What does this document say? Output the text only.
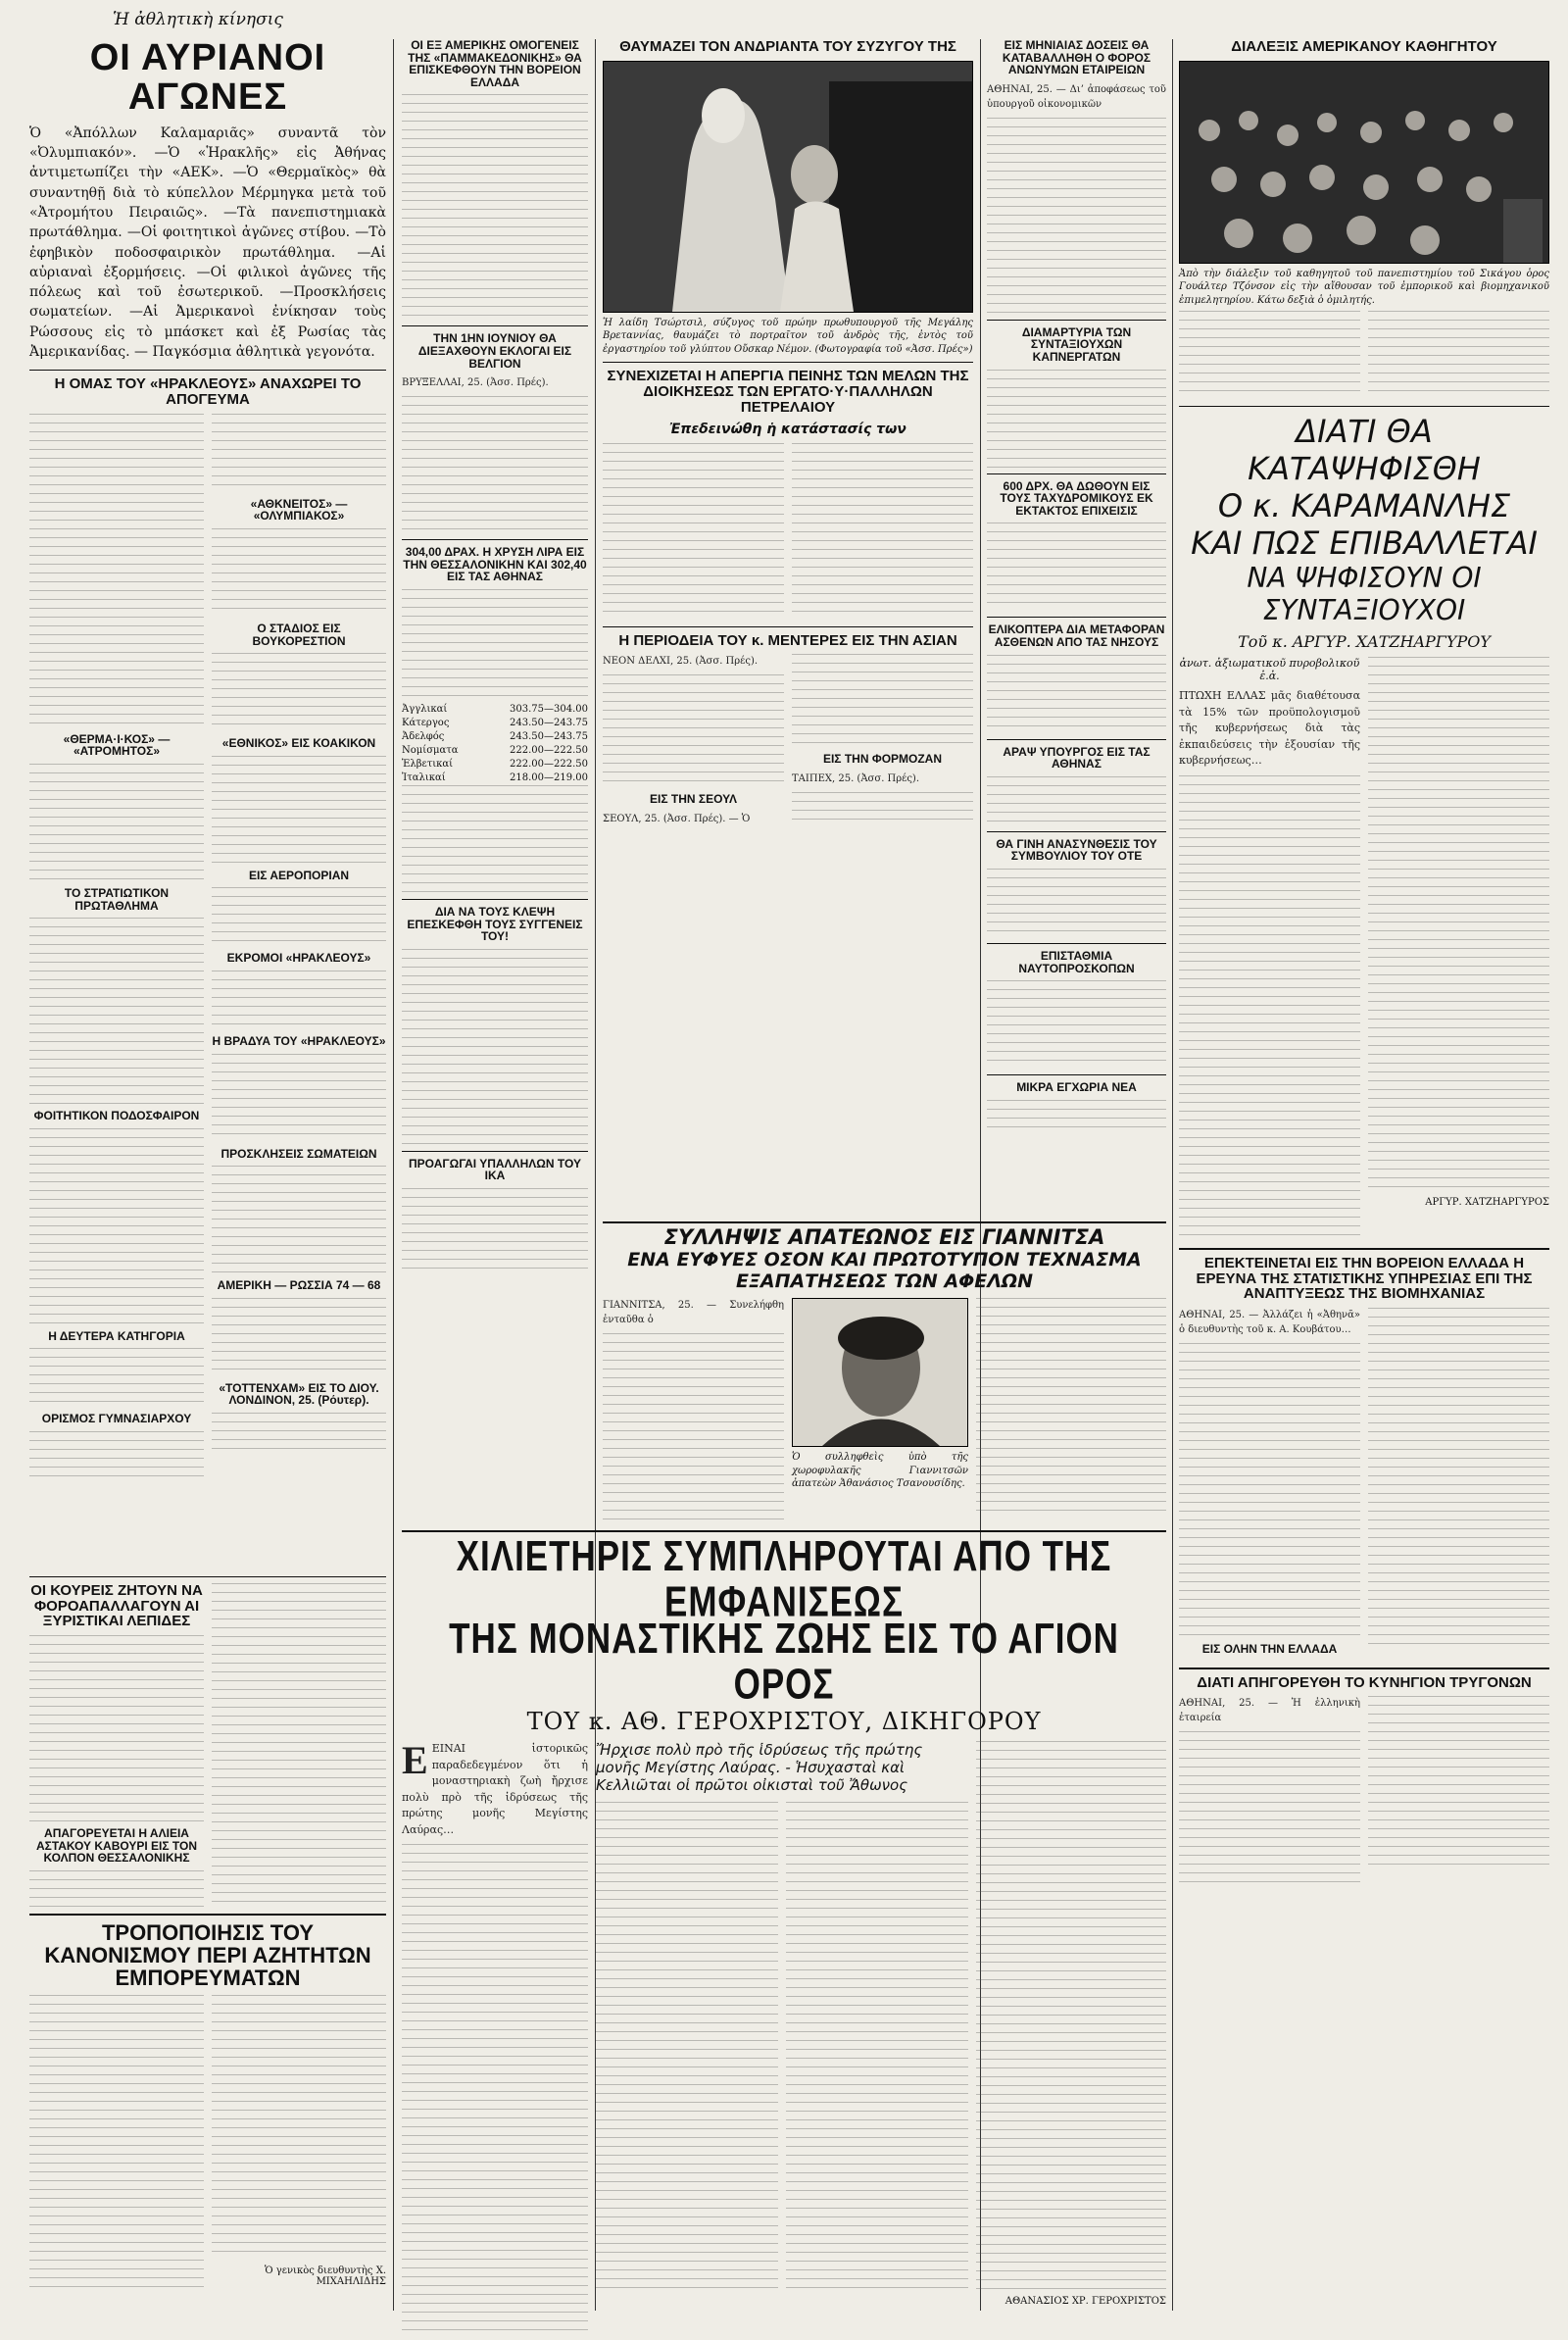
Ἡ ἀθλητικὴ κίνησις
ΟΙ ΑΥΡΙΑΝΟΙ ΑΓΩΝΕΣ
Ὁ «Ἀπόλλων Καλαμαριᾶς» συναντᾶ τὸν «Ὀλυμπιακόν». —Ὁ «Ἡρακλῆς» εἰς Ἀθήνας ἀντιμετωπίζει τὴν «ΑΕΚ». —Ὁ «Θερμαϊκὸς» θὰ συναντηθῇ διὰ τὸ κύπελλον Μέρμηγκα μετὰ τοῦ «Ἀτρομήτου Πειραιῶς». —Τὰ πανεπιστημιακὰ πρωτάθλημα. —Οἱ φοιτητικοὶ ἀγῶνες στίβου. —Τὸ ἐφηβικὸν ποδοσφαιρικὸν πρωτάθλημα. —Αἱ αὐριαναὶ ἐξορμήσεις. —Οἱ φιλικοὶ ἀγῶνες τῆς πόλεως καὶ τοῦ ἐσωτερικοῦ. —Προσκλήσεις σωματείων. —Αἱ Ἀμερικανοὶ ἐνίκησαν τοὺς Ρώσσους εἰς τὸ μπάσκετ καὶ ἐξ Ρωσίας τὰς Ἀμερικανίδας. — Παγκόσμια ἀθλητικὰ γεγονότα.
Η ΟΜΑΣ ΤΟΥ «ΗΡΑΚΛΕΟΥΣ» ΑΝΑΧΩΡΕΙ ΤΟ ΑΠΟΓΕΥΜΑ
«ΘΕΡΜΑ·Ι·ΚΟΣ» — «ΑΤΡΟΜΗΤΟΣ»
ΤΟ ΣΤΡΑΤΙΩΤΙΚΟΝ ΠΡΩΤΑΘΛΗΜΑ
ΦΟΙΤΗΤΙΚΟΝ ΠΟΔΟΣΦΑΙΡΟΝ
Η ΔΕΥΤΕΡΑ ΚΑΤΗΓΟΡΙΑ
ΟΡΙΣΜΟΣ ΓΥΜΝΑΣΙΑΡΧΟΥ
«ΑΘΚΝΕΙΤΟΣ» — «ΟΛΥΜΠΙΑΚΟΣ»
Ο ΣΤΑΔΙΟΣ ΕΙΣ ΒΟΥΚΟΡΕΣΤΙΟΝ
«ΕΘΝΙΚΟΣ» ΕΙΣ ΚΟΑΚΙΚΟΝ
ΕΙΣ ΑΕΡΟΠΟΡΙΑΝ
ΕΚΡΟΜΟΙ «ΗΡΑΚΛΕΟΥΣ»
Η ΒΡΑΔΥΑ ΤΟΥ «ΗΡΑΚΛΕΟΥΣ»
ΠΡΟΣΚΛΗΣΕΙΣ ΣΩΜΑΤΕΙΩΝ
ΑΜΕΡΙΚΗ — ΡΩΣΣΙΑ 74 — 68
«ΤΟΤΤΕΝΧΑΜ» ΕΙΣ ΤΟ ΔΙΟΥ. ΛΟΝΔΙΝΟΝ, 25. (Ρόυτερ).
ΟΙ ΚΟΥΡΕΙΣ ΖΗΤΟΥΝ ΝΑ ΦΟΡΟΑΠΑΛΛΑΓΟΥΝ ΑΙ ΞΥΡΙΣΤΙΚΑΙ ΛΕΠΙΔΕΣ
ΑΠΑΓΟΡΕΥΕΤΑΙ Η ΑΛΙΕΙΑ ΑΣΤΑΚΟΥ ΚΑΒΟΥΡΙ ΕΙΣ ΤΟΝ ΚΟΛΠΟΝ ΘΕΣΣΑΛΟΝΙΚΗΣ
ΤΡΟΠΟΠΟΙΗΣΙΣ ΤΟΥ ΚΑΝΟΝΙΣΜΟΥ ΠΕΡΙ ΑΖΗΤΗΤΩΝ ΕΜΠΟΡΕΥΜΑΤΩΝ
Ὁ γενικὸς διευθυντὴς Χ. ΜΙΧΑΗΛΙΔΗΣ
ΟΙ ΕΞ ΑΜΕΡΙΚΗΣ ΟΜΟΓΕΝΕΙΣ ΤΗΣ «ΠΑΜΜΑΚΕΔΟΝΙΚΗΣ» ΘΑ ΕΠΙΣΚΕΦΘΟΥΝ ΤΗΝ ΒΟΡΕΙΟΝ ΕΛΛΑΔΑ
ΤΗΝ 1ΗΝ ΙΟΥΝΙΟΥ ΘΑ ΔΙΕΞΑΧΘΟΥΝ ΕΚΛΟΓΑΙ ΕΙΣ ΒΕΛΓΙΟΝ
ΒΡΥΞΕΛΛΑΙ, 25. (Ἀσσ. Πρές).
304,00 ΔΡΑΧ. Η ΧΡΥΣΗ ΛΙΡΑ ΕΙΣ ΤΗΝ ΘΕΣΣΑΛΟΝΙΚΗΝ ΚΑΙ 302,40 ΕΙΣ ΤΑΣ ΑΘΗΝΑΣ
Ἀγγλικαί	303.75—304.00
Κάτεργος	243.50—243.75
Ἀδελφός	243.50—243.75
Νομίσματα	222.00—222.50
Ἑλβετικαί	222.00—222.50
Ἰταλικαί	218.00—219.00
ΔΙΑ ΝΑ ΤΟΥΣ ΚΛΕΨΗ ΕΠΕΣΚΕΦΘΗ ΤΟΥΣ ΣΥΓΓΕΝΕΙΣ ΤΟΥ!
ΠΡΟΑΓΩΓΑΙ ΥΠΑΛΛΗΛΩΝ ΤΟΥ ΙΚΑ
ΘΑΥΜΑΖΕΙ ΤΟΝ ΑΝΔΡΙΑΝΤΑ ΤΟΥ ΣΥΖΥΓΟΥ ΤΗΣ
Ἡ λαίδη Τσώρτσιλ, σύζυγος τοῦ πρώην πρωθυπουργοῦ τῆς Μεγάλης Βρεταννίας, θαυμάζει τὸ πορτραῖτον τοῦ ἀνδρὸς τῆς, ἐντὸς τοῦ ἐργαστηρίου τοῦ γλύπτου Οὔσκαρ Νέμον. (Φωτογραφία τοῦ «Ἀσσ. Πρές»)
ΣΥΝΕΧΙΖΕΤΑΙ Η ΑΠΕΡΓΙΑ ΠΕΙΝΗΣ ΤΩΝ ΜΕΛΩΝ ΤΗΣ ΔΙΟΙΚΗΣΕΩΣ ΤΩΝ ΕΡΓΑΤΟ·Υ·ΠΑΛΛΗΛΩΝ ΠΕΤΡΕΛΑΙΟΥ
Ἐπεδεινώθη ἡ κατάστασίς των
Η ΠΕΡΙΟΔΕΙΑ ΤΟΥ κ. ΜΕΝΤΕΡΕΣ ΕΙΣ ΤΗΝ ΑΣΙΑΝ
ΝΕΟΝ ΔΕΛΧΙ, 25. (Ἀσσ. Πρές).
ΕΙΣ ΤΗΝ ΣΕΟΥΛ
ΣΕΟΥΛ, 25. (Ἀσσ. Πρές). — Ὁ
ΕΙΣ ΤΗΝ ΦΟΡΜΟΖΑΝ
ΤΑΙΠΕΧ, 25. (Ἀσσ. Πρές).
ΣΥΛΛΗΨΙΣ ΑΠΑΤΕΩΝΟΣ ΕΙΣ ΓΙΑΝΝΙΤΣΑ
ΕΝΑ ΕΥΦΥΕΣ ΟΣΟΝ ΚΑΙ ΠΡΩΤΟΤΥΠΟΝ ΤΕΧΝΑΣΜΑ ΕΞΑΠΑΤΗΣΕΩΣ ΤΩΝ ΑΦΕΛΩΝ
ΓΙΑΝΝΙΤΣΑ, 25. — Συνελήφθη ἐνταῦθα ὁ
Ὁ συλληφθεὶς ὑπὸ τῆς χωροφυλακῆς Γιαννιτσῶν ἀπατεὼν Ἀθανάσιος Τσανουσίδης.
ΕΙΣ ΜΗΝΙΑΙΑΣ ΔΟΣΕΙΣ ΘΑ ΚΑΤΑΒΑΛΛΗΘΗ Ο ΦΟΡΟΣ ΑΝΩΝΥΜΩΝ ΕΤΑΙΡΕΙΩΝ
ΑΘΗΝΑΙ, 25. — Δι’ ἀποφάσεως τοῦ ὑπουργοῦ οἰκονομικῶν
ΔΙΑΜΑΡΤΥΡΙΑ ΤΩΝ ΣΥΝΤΑΞΙΟΥΧΩΝ ΚΑΠΝΕΡΓΑΤΩΝ
600 ΔΡΧ. ΘΑ ΔΩΘΟΥΝ ΕΙΣ ΤΟΥΣ ΤΑΧΥΔΡΟΜΙΚΟΥΣ ΕΚ ΕΚΤΑΚΤΟΣ ΕΠΙΧΕΙΣΙΣ
ΕΛΙΚΟΠΤΕΡΑ ΔΙΑ ΜΕΤΑΦΟΡΑΝ ΑΣΘΕΝΩΝ ΑΠΟ ΤΑΣ ΝΗΣΟΥΣ
ΑΡΑΨ ΥΠΟΥΡΓΟΣ ΕΙΣ ΤΑΣ ΑΘΗΝΑΣ
ΘΑ ΓΙΝΗ ΑΝΑΣΥΝΘΕΣΙΣ ΤΟΥ ΣΥΜΒΟΥΛΙΟΥ ΤΟΥ ΟΤΕ
ΕΠΙΣΤΑΘΜΙΑ ΝΑΥΤΟΠΡΟΣΚΟΠΩΝ
ΜΙΚΡΑ ΕΓΧΩΡΙΑ ΝΕΑ
ΔΙΑΛΕΞΙΣ ΑΜΕΡΙΚΑΝΟΥ ΚΑΘΗΓΗΤΟΥ
Ἀπὸ τὴν διάλεξιν τοῦ καθηγητοῦ τοῦ πανεπιστημίου τοῦ Σικάγου ὁρος Γουάλτερ Τζόνσον εἰς τὴν αἴθουσαν τοῦ ἐμπορικοῦ καὶ βιομηχανικοῦ ἐπιμελητηρίου. Κάτω δεξιὰ ὁ ὁμιλητής.
ΔΙΑΤΙ ΘΑ ΚΑΤΑΨΗΦΙΣΘΗ
Ο κ. ΚΑΡΑΜΑΝΛΗΣ
ΚΑΙ ΠΩΣ ΕΠΙΒΑΛΛΕΤΑΙ
ΝΑ ΨΗΦΙΣΟΥΝ ΟΙ ΣΥΝΤΑΞΙΟΥΧΟΙ
Τοῦ κ. ΑΡΓΥΡ. ΧΑΤΖΗΑΡΓΥΡΟΥ
ἀνωτ. ἀξιωματικοῦ πυροβολικοῦ ἐ.ἀ.
ΠΤΩΧΗ ΕΛΛΑΣ μᾶς διαθέτουσα τὰ 15% τῶν προϋπολογισμοῦ τῆς κυβερνήσεως διὰ τὰς ἐκπαιδεύσεις τὴν ἐξουσίαν τῆς κυβερνήσεως…
ΑΡΓΥΡ. ΧΑΤΖΗΑΡΓΥΡΟΣ
ΕΠΕΚΤΕΙΝΕΤΑΙ ΕΙΣ ΤΗΝ ΒΟΡΕΙΟΝ ΕΛΛΑΔΑ Η ΕΡΕΥΝΑ ΤΗΣ ΣΤΑΤΙΣΤΙΚΗΣ ΥΠΗΡΕΣΙΑΣ ΕΠΙ ΤΗΣ ΑΝΑΠΤΥΞΕΩΣ ΤΗΣ ΒΙΟΜΗΧΑΝΙΑΣ
ΑΘΗΝΑΙ, 25. — Ἀλλάζει ἡ «Ἀθηνᾶ» ὁ διευθυντὴς τοῦ κ. Α. Κουβάτου…
ΕΙΣ ΟΛΗΝ ΤΗΝ ΕΛΛΑΔΑ
ΔΙΑΤΙ ΑΠΗΓΟΡΕΥΘΗ ΤΟ ΚΥΝΗΓΙΟΝ ΤΡΥΓΟΝΩΝ
ΑΘΗΝΑΙ, 25. — Ἡ ἑλληνικὴ ἐταιρεία
ΧΙΛΙΕΤΗΡΙΣ ΣΥΜΠΛΗΡΟΥΤΑΙ ΑΠΟ ΤΗΣ ΕΜΦΑΝΙΣΕΩΣ
ΤΗΣ ΜΟΝΑΣΤΙΚΗΣ ΖΩΗΣ ΕΙΣ ΤΟ ΑΓΙΟΝ ΟΡΟΣ
ΤΟΥ κ. ΑΘ. ΓΕΡΟΧΡΙΣΤΟΥ, ΔΙΚΗΓΟΡΟΥ
ΕΕΙΝΑΙ ἱστορικῶς παραδεδεγμένον ὅτι ἡ μοναστηριακὴ ζωὴ ἤρχισε πολὺ πρὸ τῆς ἱδρύσεως τῆς πρώτης μονῆς Μεγίστης Λαύρας…
Ἤρχισε πολὺ πρὸ τῆς ἱδρύσεως τῆς πρώτης
μονῆς Μεγίστης Λαύρας. - Ἡσυχασταὶ καὶ
Κελλιῶται οἱ πρῶτοι οἰκισταὶ τοῦ Ἄθωνος
ΑΘΑΝΑΣΙΟΣ ΧΡ. ΓΕΡΟΧΡΙΣΤΟΣ
